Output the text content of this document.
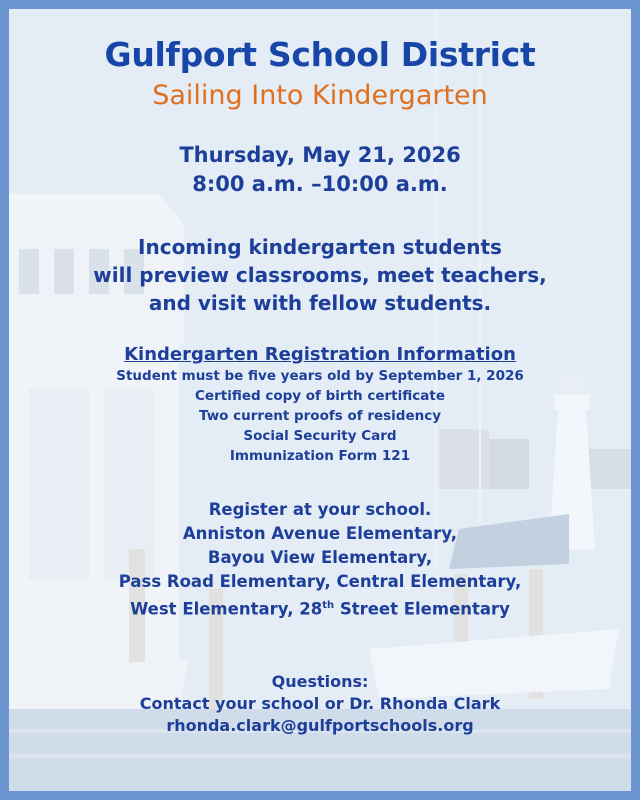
Gulfport School District
Sailing Into Kindergarten
Thursday, May 21, 2026
8:00 a.m. –10:00 a.m.
Incoming kindergarten students
will preview classrooms, meet teachers,
and visit with fellow students.
Kindergarten Registration Information
Student must be five years old by September 1, 2026
Certified copy of birth certificate
Two current proofs of residency
Social Security Card
Immunization Form 121
Register at your school.
Anniston Avenue Elementary,
Bayou View Elementary,
Pass Road Elementary, Central Elementary,
West Elementary, 28th Street Elementary
Questions:
Contact your school or Dr. Rhonda Clark
rhonda.clark@gulfportschools.org
